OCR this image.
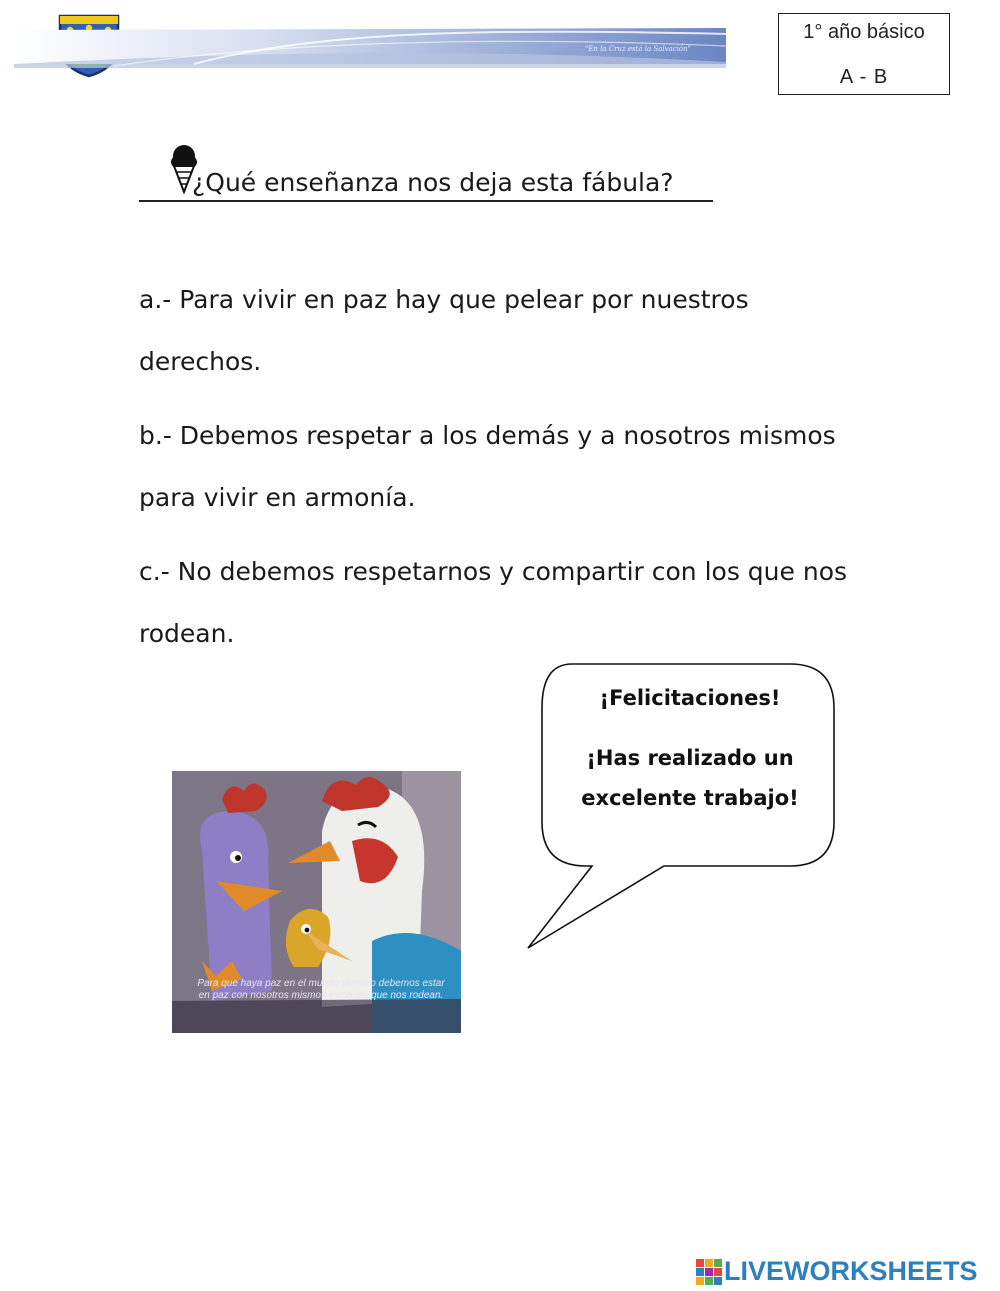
"En la Cruz está la Salvación"
1° año básico
A - B
¿Qué enseñanza nos deja esta fábula?
a.- Para vivir en paz hay que pelear por nuestros derechos.
b.- Debemos respetar a los demás y a nosotros mismos para vivir en armonía.
c.- No debemos respetarnos y compartir con los que nos rodean.
¡Felicitaciones!
¡Has realizado un excelente trabajo!
Para que haya paz en el mundo primero debemos estar en paz con nosotros mismos y con los que nos rodean.
LIVEWORKSHEETS
